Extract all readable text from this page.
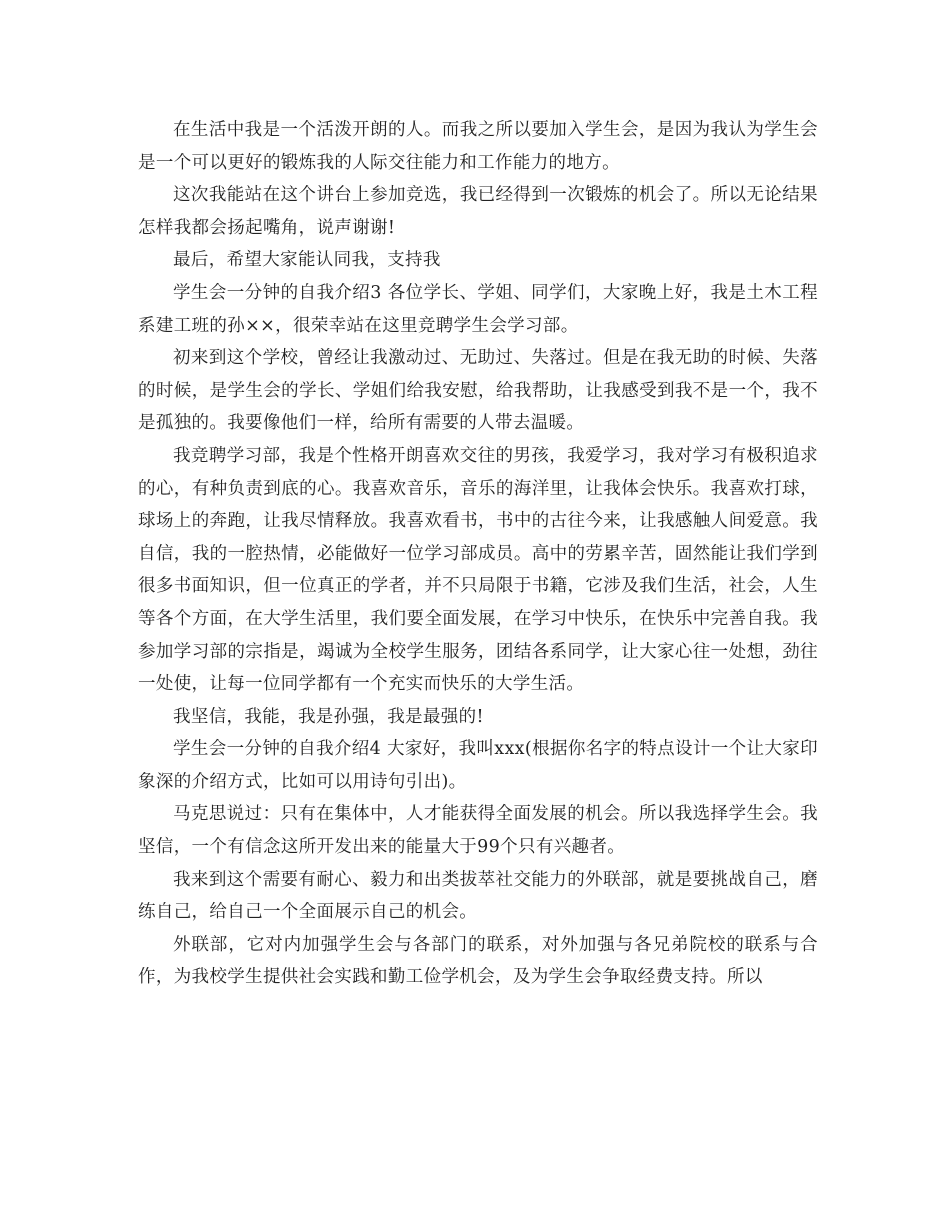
在生活中我是一个活泼开朗的人。而我之所以要加入学生会，是因为我认为学生会是一个可以更好的锻炼我的人际交往能力和工作能力的地方。

这次我能站在这个讲台上参加竞选，我已经得到一次锻炼的机会了。所以无论结果怎样我都会扬起嘴角，说声谢谢!

最后，希望大家能认同我，支持我

学生会一分钟的自我介绍3 各位学长、学姐、同学们，大家晚上好，我是土木工程系建工班的孙××，很荣幸站在这里竞聘学生会学习部。

初来到这个学校，曾经让我激动过、无助过、失落过。但是在我无助的时候、失落的时候，是学生会的学长、学姐们给我安慰，给我帮助，让我感受到我不是一个，我不是孤独的。我要像他们一样，给所有需要的人带去温暖。

我竞聘学习部，我是个性格开朗喜欢交往的男孩，我爱学习，我对学习有极积追求的心，有种负责到底的心。我喜欢音乐，音乐的海洋里，让我体会快乐。我喜欢打球，球场上的奔跑，让我尽情释放。我喜欢看书，书中的古往今来，让我感触人间爱意。我自信，我的一腔热情，必能做好一位学习部成员。高中的劳累辛苦，固然能让我们学到很多书面知识，但一位真正的学者，并不只局限于书籍，它涉及我们生活，社会，人生等各个方面，在大学生活里，我们要全面发展，在学习中快乐，在快乐中完善自我。我参加学习部的宗指是，竭诚为全校学生服务，团结各系同学，让大家心往一处想，劲往一处使，让每一位同学都有一个充实而快乐的大学生活。

我坚信，我能，我是孙强，我是最强的!

学生会一分钟的自我介绍4 大家好，我叫xxx(根据你名字的特点设计一个让大家印象深的介绍方式，比如可以用诗句引出)。

马克思说过：只有在集体中，人才能获得全面发展的机会。所以我选择学生会。我坚信，一个有信念这所开发出来的能量大于99个只有兴趣者。

我来到这个需要有耐心、毅力和出类拔萃社交能力的外联部，就是要挑战自己，磨练自己，给自己一个全面展示自己的机会。

外联部，它对内加强学生会与各部门的联系，对外加强与各兄弟院校的联系与合作，为我校学生提供社会实践和勤工俭学机会，及为学生会争取经费支持。所以
